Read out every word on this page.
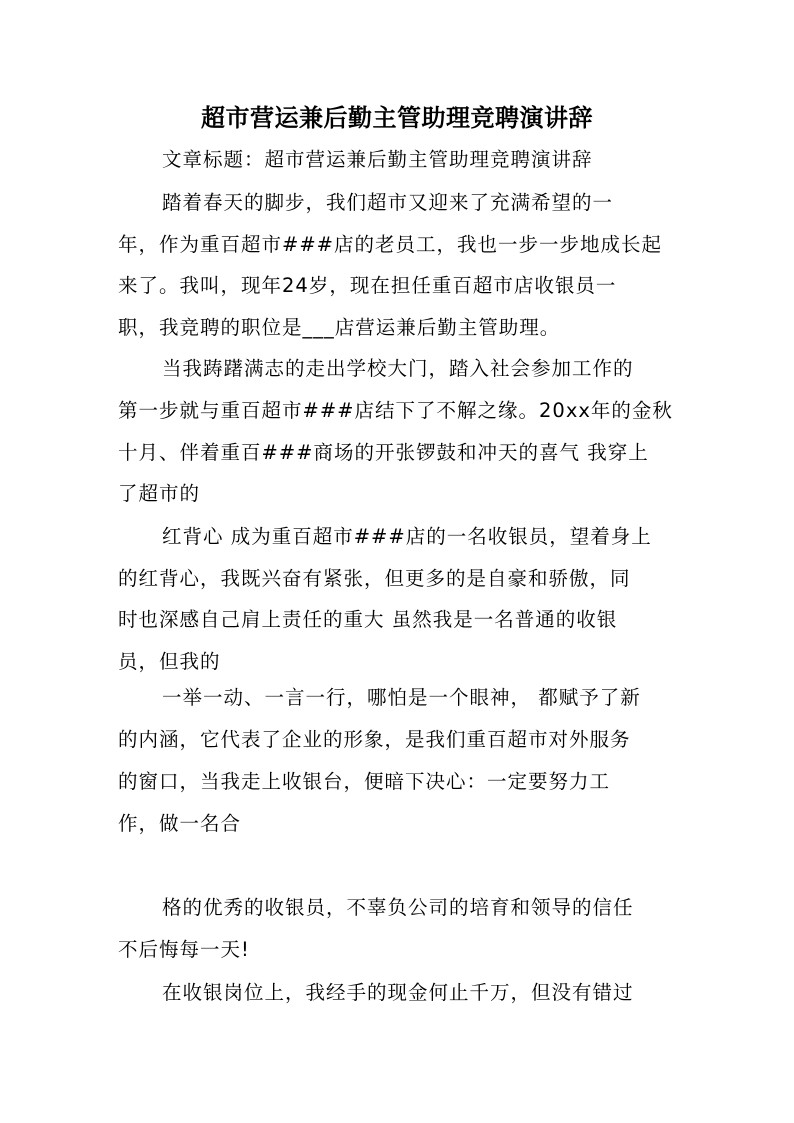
超市营运兼后勤主管助理竞聘演讲辞
文章标题：超市营运兼后勤主管助理竞聘演讲辞
踏着春天的脚步，我们超市又迎来了充满希望的一
年，作为重百超市###店的老员工，我也一步一步地成长起
来了。我叫，现年24岁，现在担任重百超市店收银员一
职，我竞聘的职位是___店营运兼后勤主管助理。
当我踌躇满志的走出学校大门，踏入社会参加工作的
第一步就与重百超市###店结下了不解之缘。20xx年的金秋
十月、伴着重百###商场的开张锣鼓和冲天的喜气 我穿上
了超市的
红背心 成为重百超市###店的一名收银员，望着身上
的红背心，我既兴奋有紧张，但更多的是自豪和骄傲，同
时也深感自己肩上责任的重大 虽然我是一名普通的收银
员，但我的
一举一动、一言一行，哪怕是一个眼神， 都赋予了新
的内涵，它代表了企业的形象，是我们重百超市对外服务
的窗口，当我走上收银台，便暗下决心：一定要努力工
作，做一名合
格的优秀的收银员，不辜负公司的培育和领导的信任
不后悔每一天!
在收银岗位上，我经手的现金何止千万，但没有错过
